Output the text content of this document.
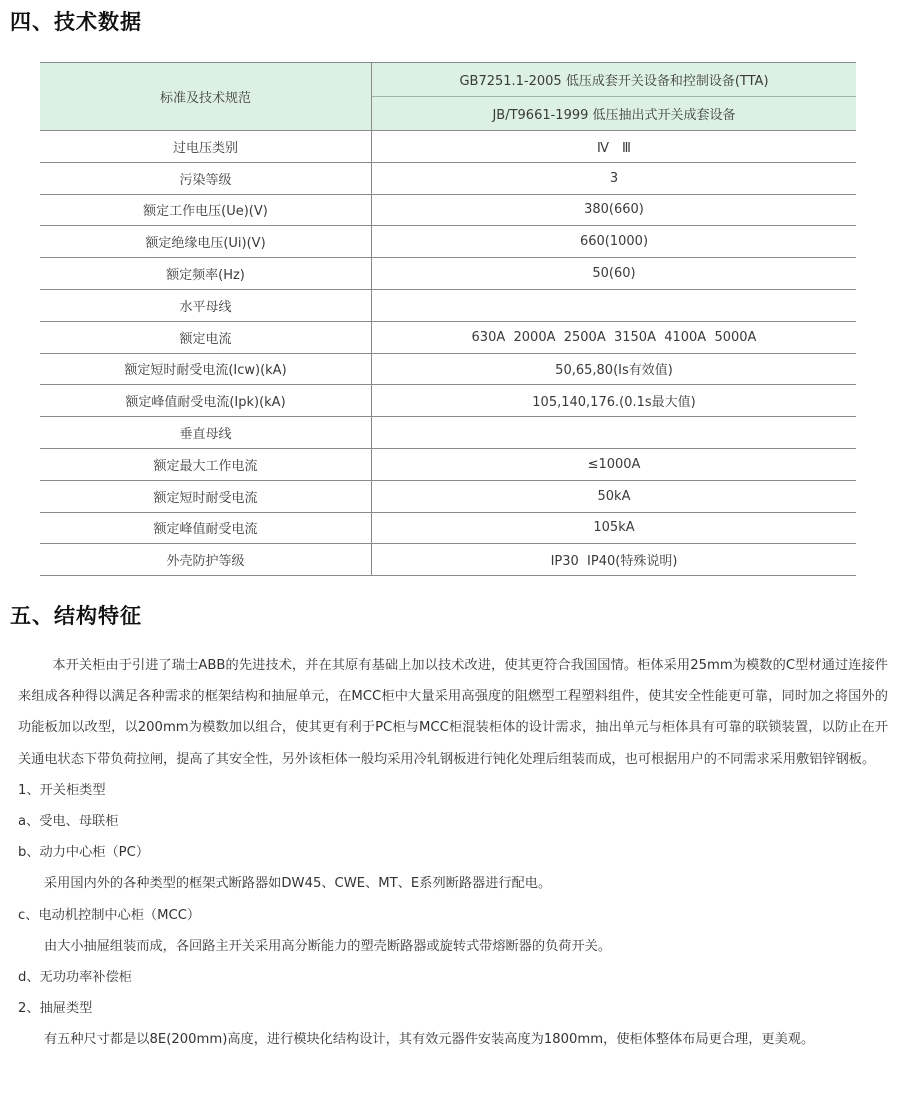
四、技术数据
标准及技术规范	GB7251.1-2005 低压成套开关设备和控制设备(TTA)
	JB/T9661-1999 低压抽出式开关成套设备
过电压类别	Ⅳ　Ⅲ
污染等级	3
额定工作电压(Ue)(V)	380(660)
额定绝缘电压(Ui)(V)	660(1000)
额定频率(Hz)	50(60)
水平母线	
额定电流	630A  2000A  2500A  3150A  4100A  5000A
额定短时耐受电流(Icw)(kA)	50,65,80(Is有效值)
额定峰值耐受电流(Ipk)(kA)	105,140,176.(0.1s最大值)
垂直母线	
额定最大工作电流	≤1000A
额定短时耐受电流	50kA
额定峰值耐受电流	105kA
外壳防护等级	IP30  IP40(特殊说明)
五、结构特征

本开关柜由于引进了瑞士ABB的先进技术，并在其原有基础上加以技术改进，使其更符合我国国情。柜体采用25mm为模数的C型材通过连接件来组成各种得以满足各种需求的框架结构和抽屉单元，在MCC柜中大量采用高强度的阻燃型工程塑料组件，使其安全性能更可靠，同时加之将国外的功能板加以改型，以200mm为模数加以组合，使其更有利于PC柜与MCC柜混装柜体的设计需求，抽出单元与柜体具有可靠的联锁装置，以防止在开关通电状态下带负荷拉闸，提高了其安全性，另外该柜体一般均采用冷轧钢板进行钝化处理后组装而成，也可根据用户的不同需求采用敷铝锌钢板。

1、开关柜类型

a、受电、母联柜

b、动力中心柜（PC）

采用国内外的各种类型的框架式断路器如DW45、CWE、MT、E系列断路器进行配电。

c、电动机控制中心柜（MCC）

由大小抽屉组装而成，各回路主开关采用高分断能力的塑壳断路器或旋转式带熔断器的负荷开关。

d、无功功率补偿柜

2、抽屉类型

有五种尺寸都是以8E(200mm)高度，进行模块化结构设计，其有效元器件安装高度为1800mm，使柜体整体布局更合理，更美观。
